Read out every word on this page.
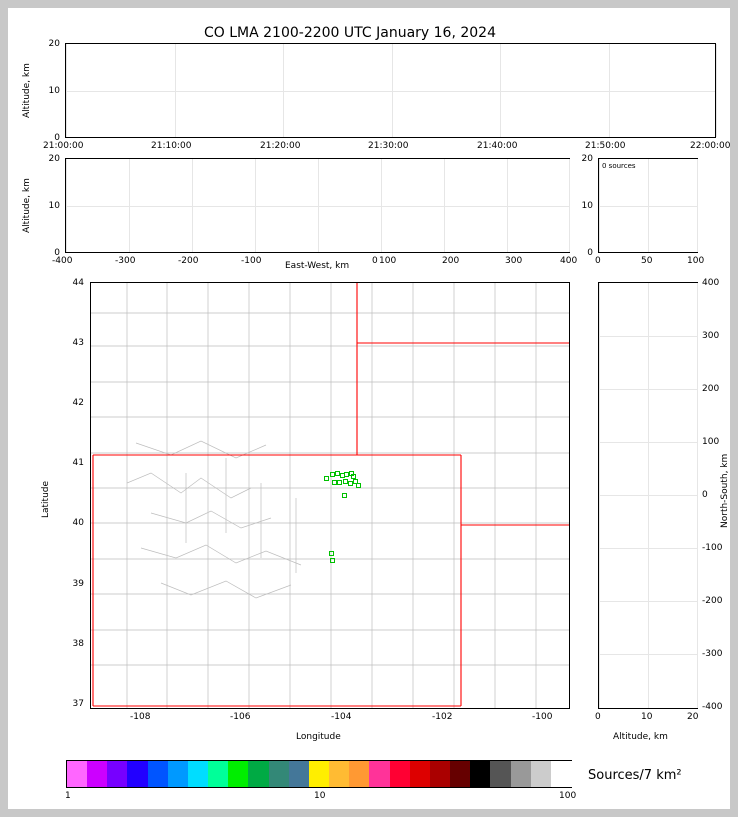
CO LMA 2100-2200 UTC January 16, 2024
20
10
0
Altitude, km
21:00:00	21:10:00	21:20:00	21:30:00	21:40:00	21:50:00	22:00:00
20
10
0
Altitude, km
-400	-300	-200	-100	0 100	200	300	400
East-West, km
0 sources
20
10
0
0	50	100
44
43
42
41
40
39
38
37
Latitude
-108	-106	-104	-102	-100
Longitude
400
300
200
100
0
-100
-200
-300
-400
North-South, km
0	10	20
Altitude, km
1	10	100
Sources/7 km²
